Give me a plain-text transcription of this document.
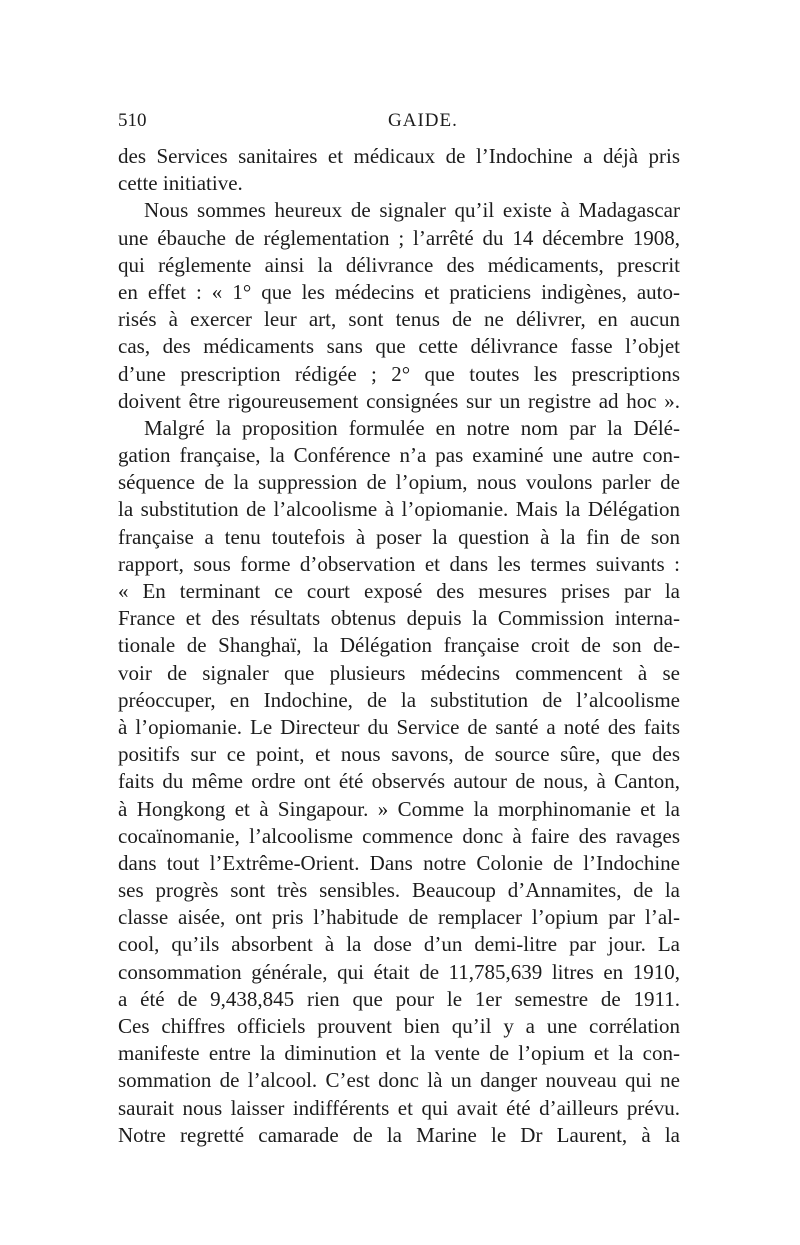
510	GAIDE.
des Services sanitaires et médicaux de l’Indochine a déjà pris
cette initiative.
Nous sommes heureux de signaler qu’il existe à Madagascar
une ébauche de réglementation ; l’arrêté du 14 décembre 1908,
qui réglemente ainsi la délivrance des médicaments, prescrit
en effet : « 1° que les médecins et praticiens indigènes, auto-
risés à exercer leur art, sont tenus de ne délivrer, en aucun
cas, des médicaments sans que cette délivrance fasse l’objet
d’une prescription rédigée ; 2° que toutes les prescriptions
doivent être rigoureusement consignées sur un registre ad hoc ».
Malgré la proposition formulée en notre nom par la Délé-
gation française, la Conférence n’a pas examiné une autre con-
séquence de la suppression de l’opium, nous voulons parler de
la substitution de l’alcoolisme à l’opiomanie. Mais la Délégation
française a tenu toutefois à poser la question à la fin de son
rapport, sous forme d’observation et dans les termes suivants :
« En terminant ce court exposé des mesures prises par la
France et des résultats obtenus depuis la Commission interna-
tionale de Shanghaï, la Délégation française croit de son de-
voir de signaler que plusieurs médecins commencent à se
préoccuper, en Indochine, de la substitution de l’alcoolisme
à l’opiomanie. Le Directeur du Service de santé a noté des faits
positifs sur ce point, et nous savons, de source sûre, que des
faits du même ordre ont été observés autour de nous, à Canton,
à Hongkong et à Singapour. » Comme la morphinomanie et la
cocaïnomanie, l’alcoolisme commence donc à faire des ravages
dans tout l’Extrême-Orient. Dans notre Colonie de l’Indochine
ses progrès sont très sensibles. Beaucoup d’Annamites, de la
classe aisée, ont pris l’habitude de remplacer l’opium par l’al-
cool, qu’ils absorbent à la dose d’un demi-litre par jour. La
consommation générale, qui était de 11,785,639 litres en 1910,
a été de 9,438,845 rien que pour le 1er semestre de 1911.
Ces chiffres officiels prouvent bien qu’il y a une corrélation
manifeste entre la diminution et la vente de l’opium et la con-
sommation de l’alcool. C’est donc là un danger nouveau qui ne
saurait nous laisser indifférents et qui avait été d’ailleurs prévu.
Notre regretté camarade de la Marine le Dr Laurent, à la
